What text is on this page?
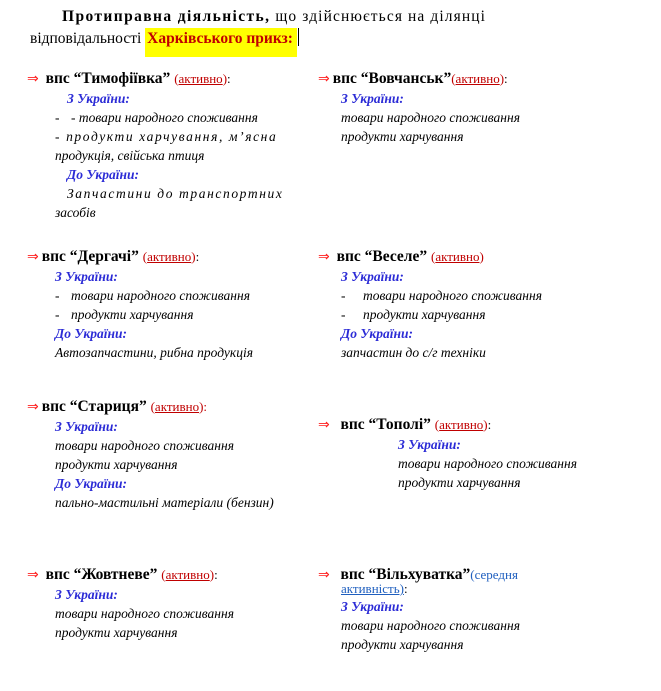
Протиправна діяльність, що здійснюється на ділянці
відповідальності Харківського прикз:
⇒ впс “Тимофіївка” (активно):
З України:
- - товари народного споживання
- продукти харчування, м’ясна
продукція, свійська птиця
До України:
Запчастини до транспортних
засобів
⇒ впс “Вовчанськ”(активно):
З України:
товари народного споживання
продукти харчування
⇒ впс “Дергачі” (активно):
З України:
- товари народного споживання
- продукти харчування
До України:
Автозапчастини, рибна продукція
⇒ впс “Веселе” (активно)
З України:
- товари народного споживання
- продукти харчування
До України:
запчастин до с/г техніки
⇒ впс “Стариця” (активно):
З України:
товари народного споживання
продукти харчування
До України:
пально-мастильні матеріали (бензин)
⇒ впс “Тополі” (активно):
З України:
товари народного споживання
продукти харчування
⇒ впс “Жовтневе” (активно):
З України:
товари народного споживання
продукти харчування
⇒ впс “Вільхуватка”(середня
активність):
З України:
товари народного споживання
продукти харчування
